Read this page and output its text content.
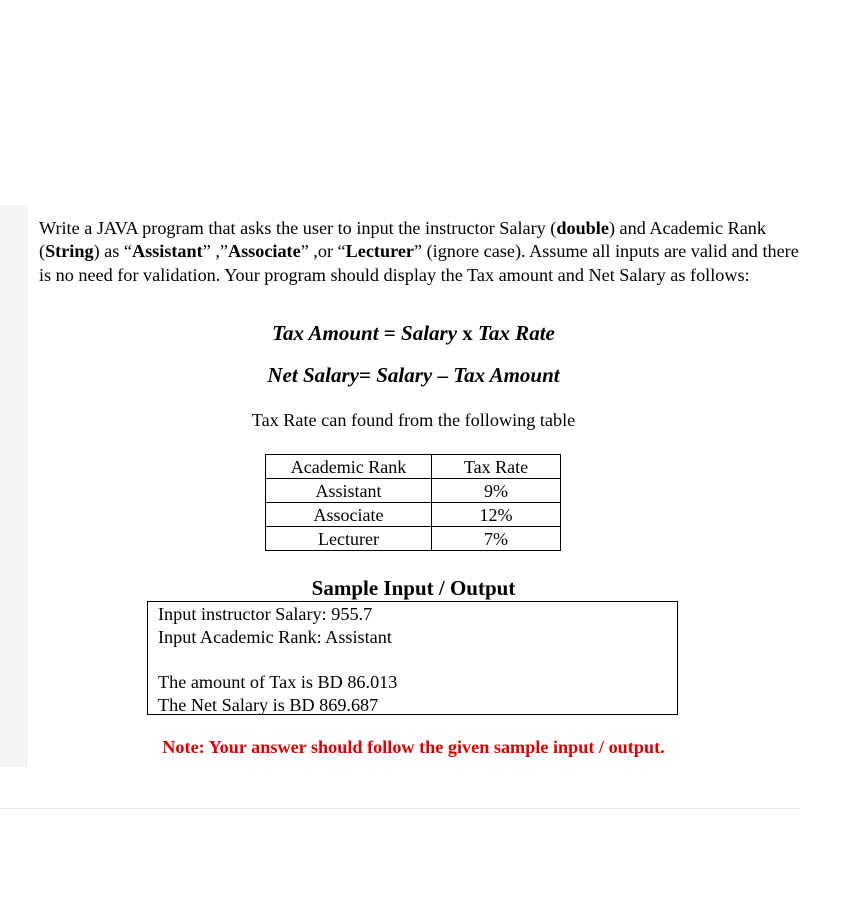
Write a JAVA program that asks the user to input the instructor Salary (double) and Academic Rank (String) as “Assistant” ,”Associate” ,or “Lecturer” (ignore case). Assume all inputs are valid and there is no need for validation. Your program should display the Tax amount and Net Salary as follows:

Tax Amount = Salary x Tax Rate

Net Salary= Salary – Tax Amount

Tax Rate can found from the following table

Academic Rank	Tax Rate
Assistant	9%
Associate	12%
Lecturer	7%

Sample Input / Output

Input instructor Salary: 955.7
Input Academic Rank: Assistant
The amount of Tax is BD 86.013
The Net Salary is BD 869.687

Note: Your answer should follow the given sample input / output.
